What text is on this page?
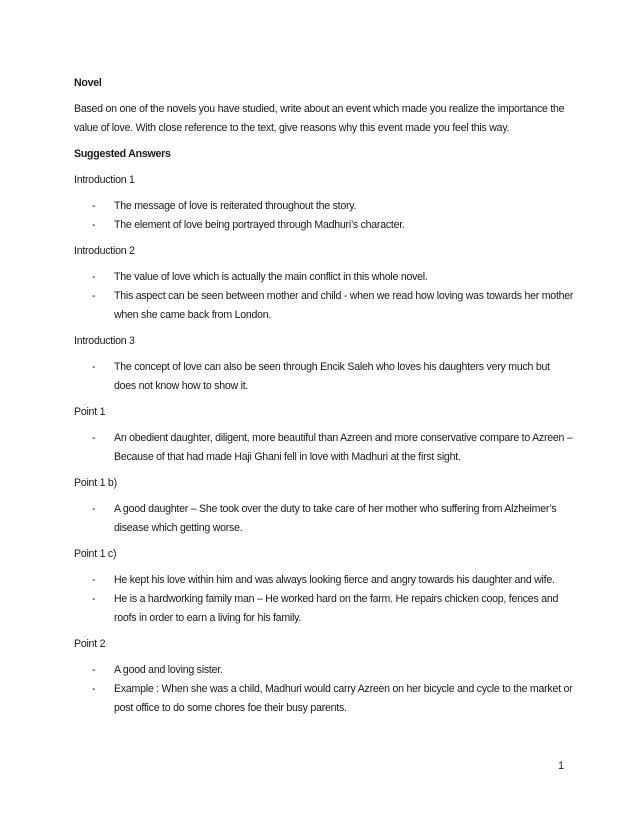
Novel

Based on one of the novels you have studied, write about an event which made you realize the importance the value of love. With close reference to the text, give reasons why this event made you feel this way.

Suggested Answers

Introduction 1

- The message of love is reiterated throughout the story.
- The element of love being portrayed through Madhuri’s character.

Introduction 2

- The value of love which is actually the main conflict in this whole novel.
- This aspect can be seen between mother and child - when we read how loving was towards her mother when she came back from London.

Introduction 3

- The concept of love can also be seen through Encik Saleh who loves his daughters very much but does not know how to show it.

Point 1

- An obedient daughter, diligent, more beautiful than Azreen and more conservative compare to Azreen – Because of that had made Haji Ghani fell in love with Madhuri at the first sight.

Point 1 b)

- A good daughter – She took over the duty to take care of her mother who suffering from Alzheimer’s disease which getting worse.

Point 1 c)

- He kept his love within him and was always looking fierce and angry towards his daughter and wife.
- He is a hardworking family man – He worked hard on the farm. He repairs chicken coop, fences and roofs in order to earn a living for his family.

Point 2

- A good and loving sister.
- Example : When she was a child, Madhuri would carry Azreen on her bicycle and cycle to the market or post office to do some chores foe their busy parents.
1
